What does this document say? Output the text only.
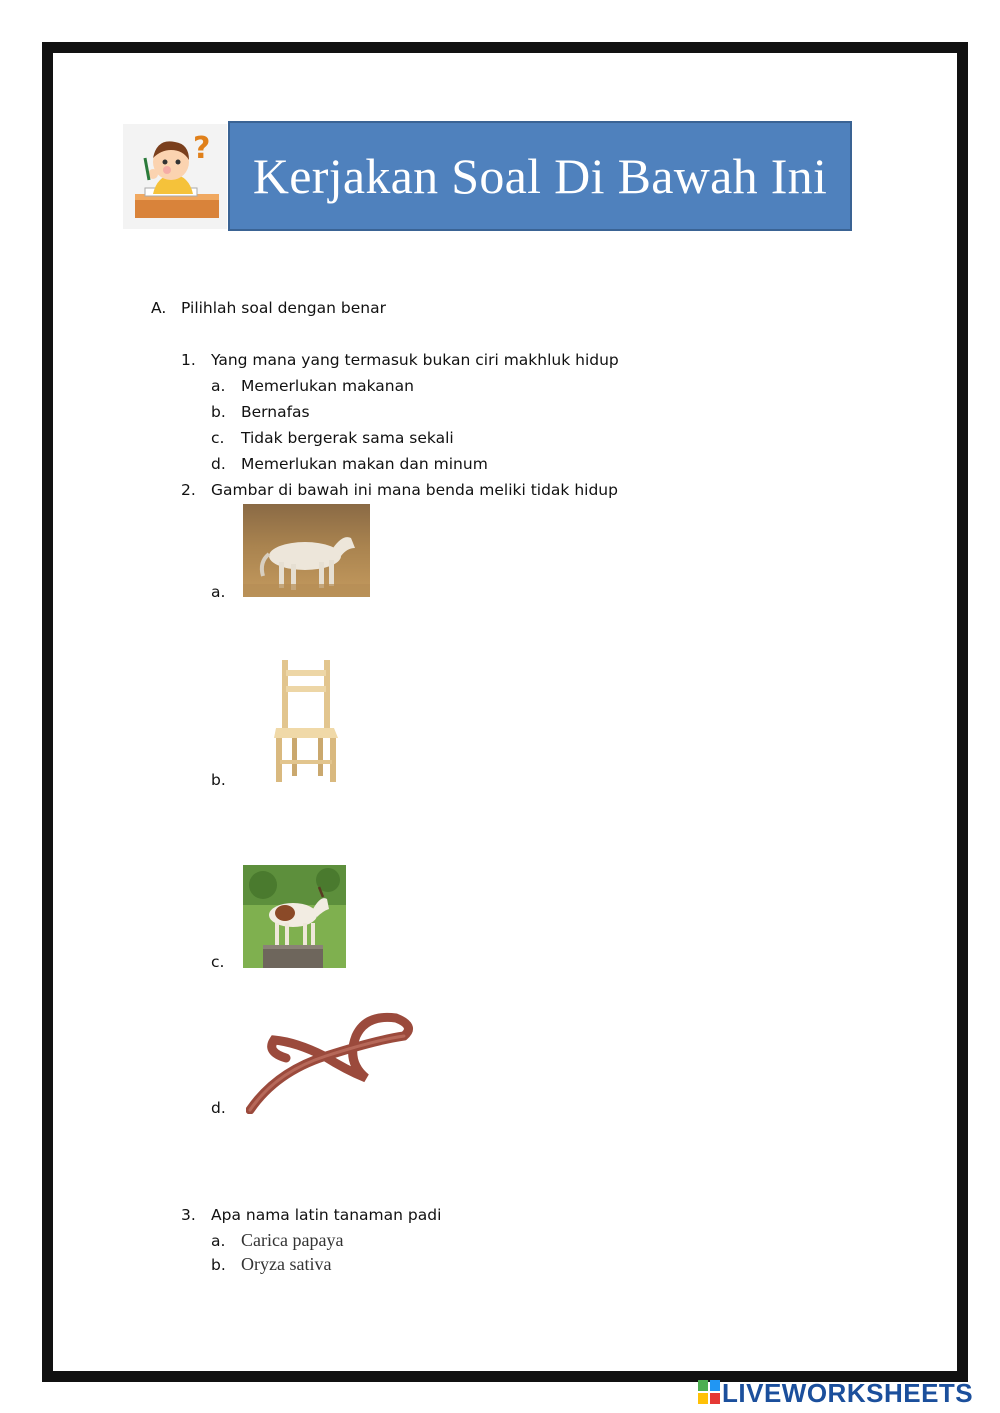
? Kerjakan Soal Di Bawah Ini
A. Pilihlah soal dengan benar
1. Yang mana yang termasuk bukan ciri makhluk hidup
a. Memerlukan makanan
b. Bernafas
c. Tidak bergerak sama sekali
d. Memerlukan makan dan minum
2. Gambar di bawah ini mana benda meliki tidak hidup
a.
b.
c.
d.
3. Apa nama latin tanaman padi
a. Carica papaya
b. Oryza sativa
LIVEWORKSHEETS
